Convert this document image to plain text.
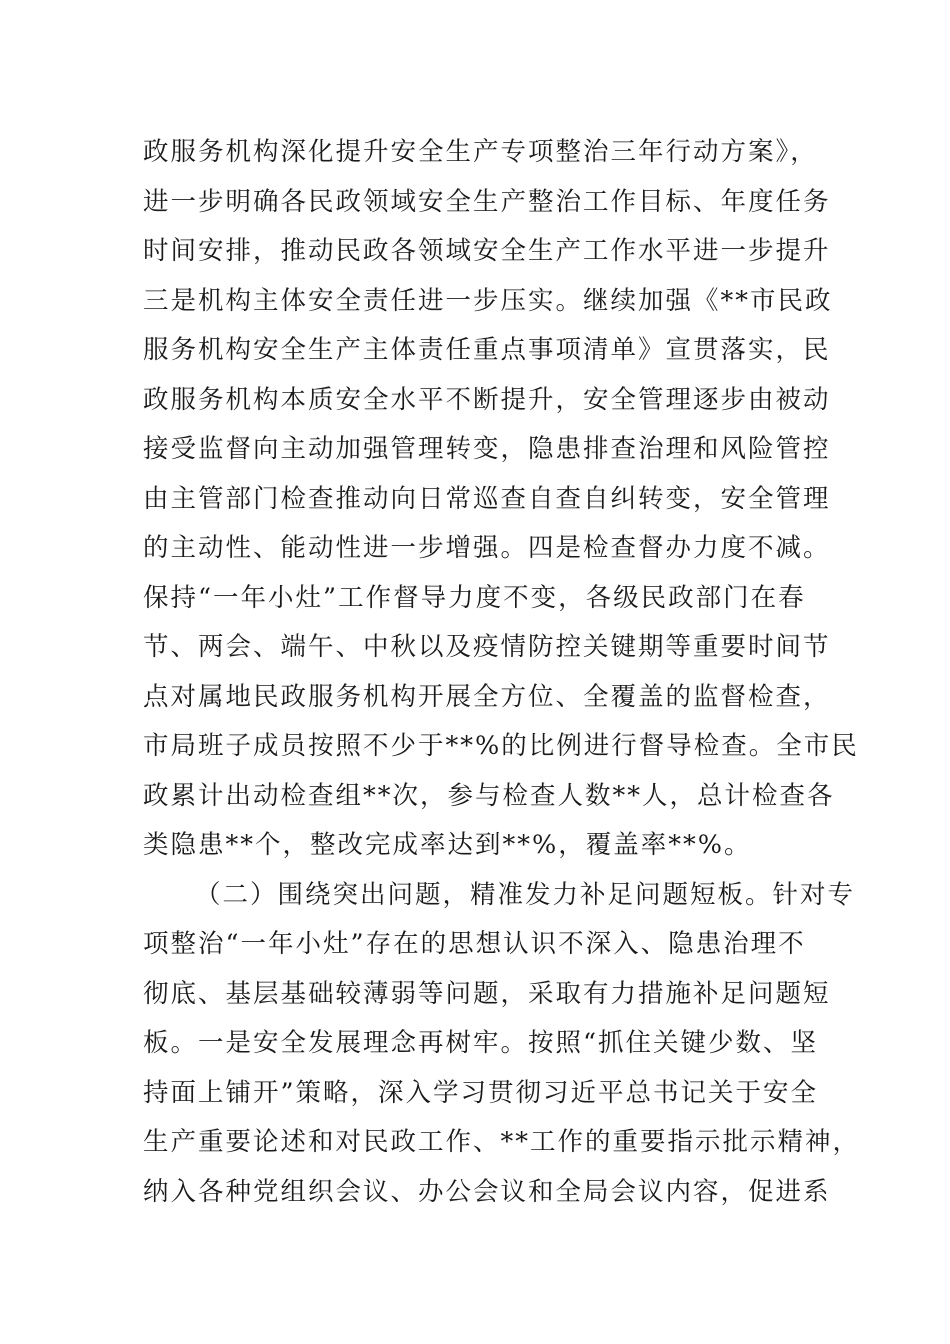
政服务机构深化提升安全生产专项整治三年行动方案》，
进一步明确各民政领域安全生产整治工作目标、年度任务
时间安排，推动民政各领域安全生产工作水平进一步提升
三是机构主体安全责任进一步压实。继续加强《**市民政
服务机构安全生产主体责任重点事项清单》宣贯落实，民
政服务机构本质安全水平不断提升，安全管理逐步由被动
接受监督向主动加强管理转变，隐患排查治理和风险管控
由主管部门检查推动向日常巡查自查自纠转变，安全管理
的主动性、能动性进一步增强。四是检查督办力度不减。
保持“一年小灶”工作督导力度不变，各级民政部门在春
节、两会、端午、中秋以及疫情防控关键期等重要时间节
点对属地民政服务机构开展全方位、全覆盖的监督检查，
市局班子成员按照不少于**%的比例进行督导检查。全市民
政累计出动检查组**次，参与检查人数**人，总计检查各
类隐患**个，整改完成率达到**%，覆盖率**%。
（二）围绕突出问题，精准发力补足问题短板。针对专
项整治“一年小灶”存在的思想认识不深入、隐患治理不
彻底、基层基础较薄弱等问题，采取有力措施补足问题短
板。一是安全发展理念再树牢。按照“抓住关键少数、坚
持面上铺开”策略，深入学习贯彻习近平总书记关于安全
生产重要论述和对民政工作、**工作的重要指示批示精神，
纳入各种党组织会议、办公会议和全局会议内容，促进系
